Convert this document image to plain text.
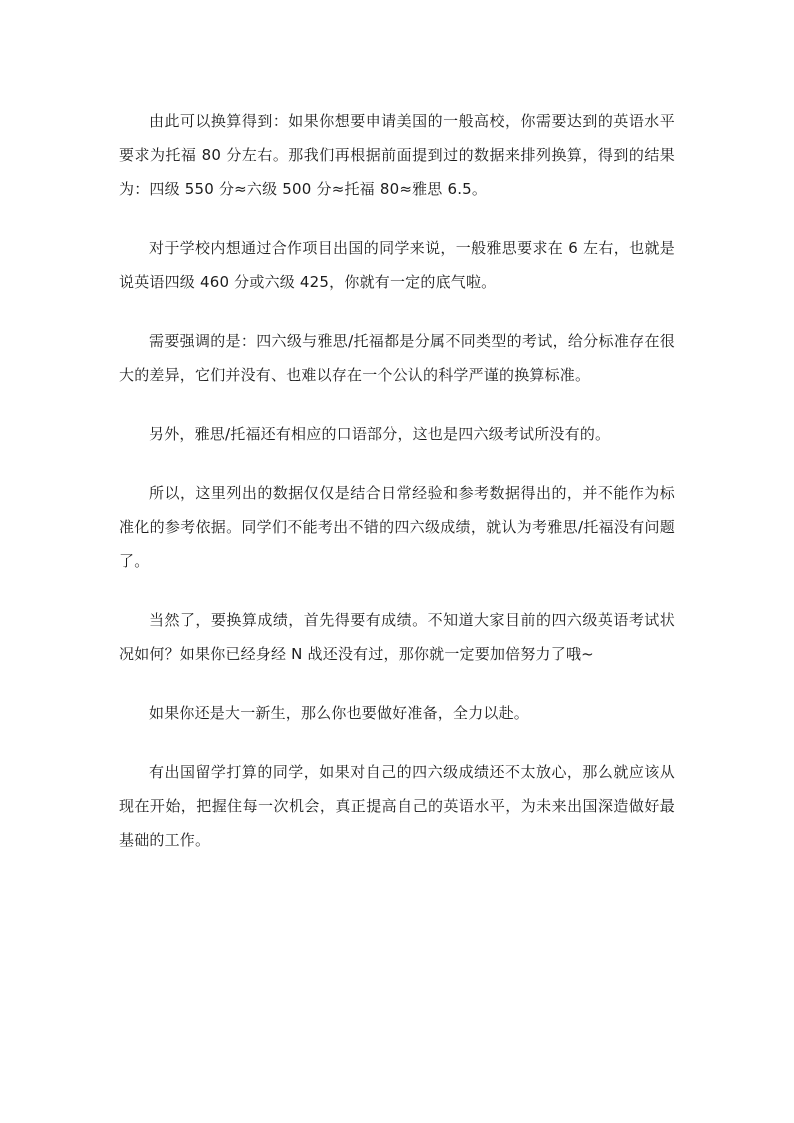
由此可以换算得到：如果你想要申请美国的一般高校，你需要达到的英语水平要求为托福 80 分左右。那我们再根据前面提到过的数据来排列换算，得到的结果为：四级 550 分≈六级 500 分≈托福 80≈雅思 6.5。

对于学校内想通过合作项目出国的同学来说，一般雅思要求在 6 左右，也就是说英语四级 460 分或六级 425，你就有一定的底气啦。

需要强调的是：四六级与雅思/托福都是分属不同类型的考试，给分标准存在很大的差异，它们并没有、也难以存在一个公认的科学严谨的换算标准。

另外，雅思/托福还有相应的口语部分，这也是四六级考试所没有的。

所以，这里列出的数据仅仅是结合日常经验和参考数据得出的，并不能作为标准化的参考依据。同学们不能考出不错的四六级成绩，就认为考雅思/托福没有问题了。

当然了，要换算成绩，首先得要有成绩。不知道大家目前的四六级英语考试状况如何？如果你已经身经 N 战还没有过，那你就一定要加倍努力了哦~

如果你还是大一新生，那么你也要做好准备，全力以赴。

有出国留学打算的同学，如果对自己的四六级成绩还不太放心，那么就应该从现在开始，把握住每一次机会，真正提高自己的英语水平，为未来出国深造做好最基础的工作。
